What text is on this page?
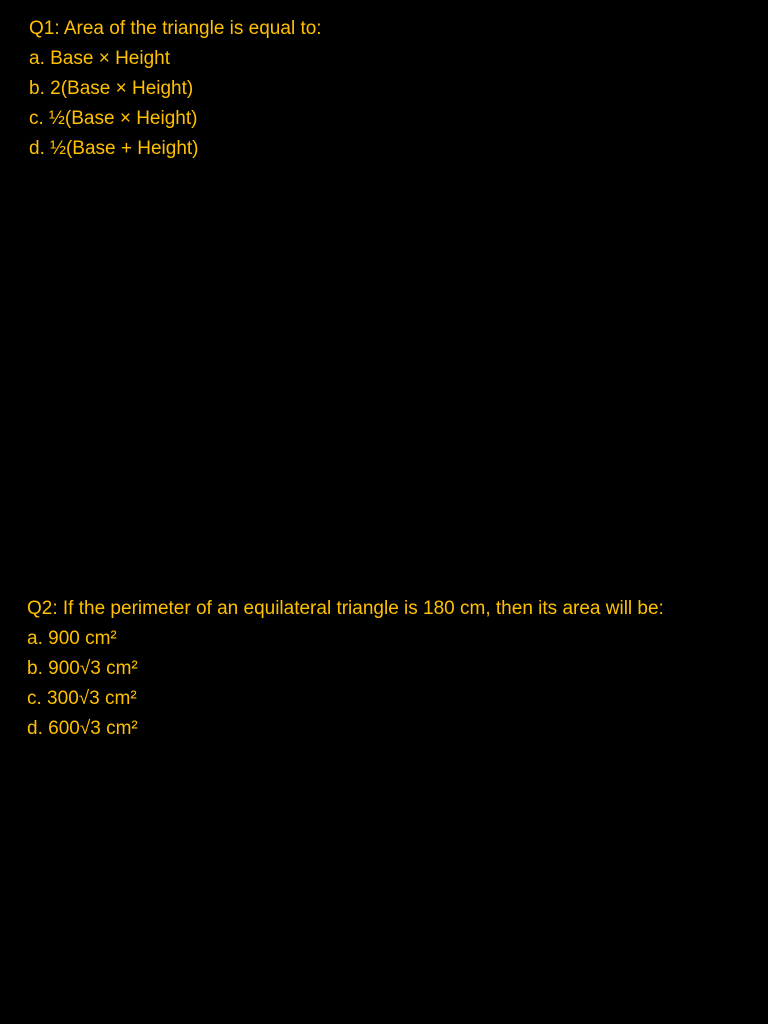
Q1: Area of the triangle is equal to:

a. Base × Height

b. 2(Base × Height)

c. ½(Base × Height)

d. ½(Base + Height)

Q2: If the perimeter of an equilateral triangle is 180 cm, then its area will be:

a. 900 cm²

b. 900√3 cm²

c. 300√3 cm²

d. 600√3 cm²
